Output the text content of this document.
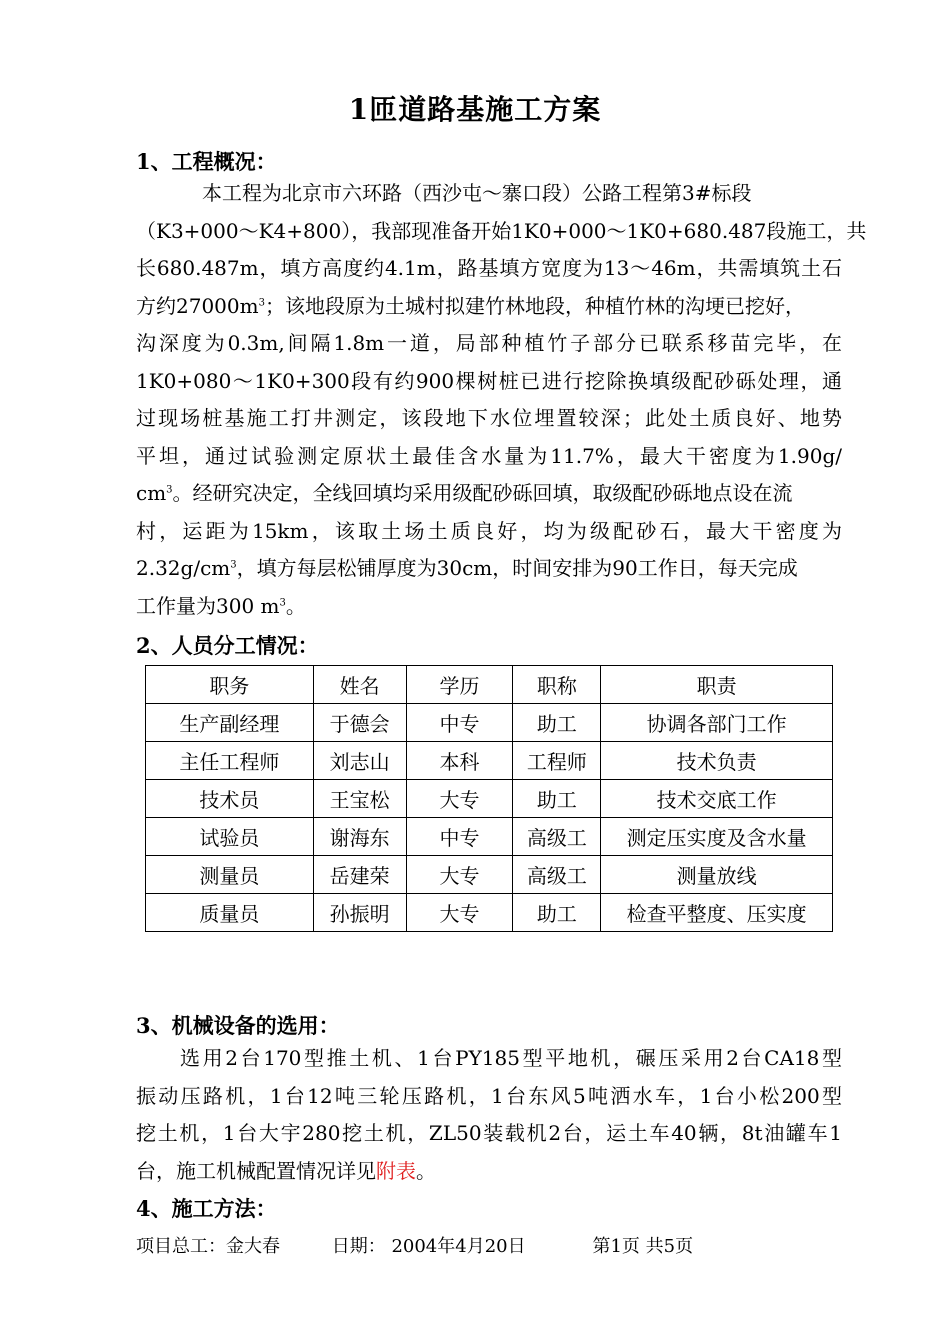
1匝道路基施工方案
1、工程概况：
本工程为北京市六环路（西沙屯～寨口段）公路工程第3#标段
（K3+000～K4+800），我部现准备开始1K0+000～1K0+680.487段施工，共
长680.487m，填方高度约4.1m，路基填方宽度为13～46m，共需填筑土石
方约$27000m^3$；该地段原为土城村拟建竹林地段，种植竹林的沟埂已挖好，
沟深度为0.3m,间隔1.8m一道，局部种植竹子部分已联系移苗完毕，在
1K0+080～1K0+300段有约900棵树桩已进行挖除换填级配砂砾处理，通
过现场桩基施工打井测定，该段地下水位埋置较深；此处土质良好、地势
平坦，通过试验测定原状土最佳含水量为11.7%，最大干密度为1.90g/
$cm^3$。经研究决定，全线回填均采用级配砂砾回填，取级配砂砾地点设在流
村，运距为15km，该取土场土质良好，均为级配砂石，最大干密度为
$2.32g/cm^3$，填方每层松铺厚度为30cm，时间安排为90工作日，每天完成
工作量为300 $m^3$。
2、人员分工情况：
职务	姓名	学历	职称	职责
生产副经理	于德会	中专	助工	协调各部门工作
主任工程师	刘志山	本科	工程师	技术负责
技术员	王宝松	大专	助工	技术交底工作
试验员	谢海东	中专	高级工	测定压实度及含水量
测量员	岳建荣	大专	高级工	测量放线
质量员	孙振明	大专	助工	检查平整度、压实度
3、机械设备的选用：
选用2台170型推土机、1台PY185型平地机，碾压采用2台CA18型
振动压路机，1台12吨三轮压路机，1台东风5吨洒水车，1台小松200型
挖土机，1台大宇280挖土机，ZL50装载机2台，运土车40辆，8t油罐车1
台，施工机械配置情况详见附表。
4、施工方法：
项目总工：金大春	日期： 2004年4月20日	第1页 共5页
